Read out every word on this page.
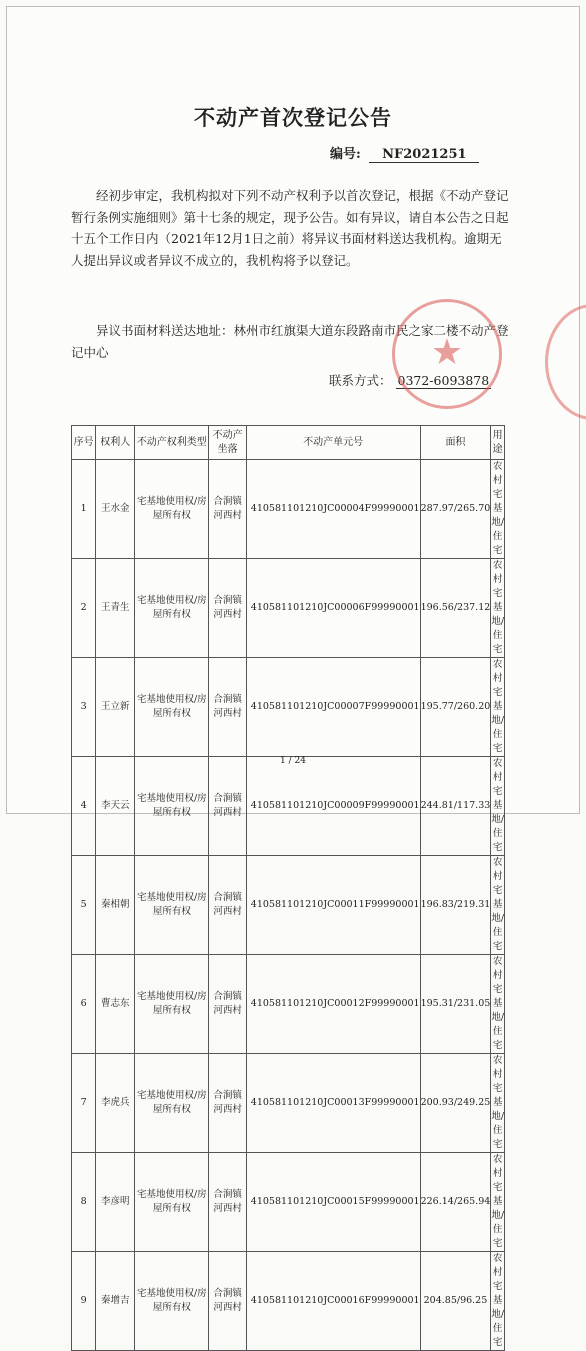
不动产首次登记公告
编号: NF2021251
经初步审定，我机构拟对下列不动产权利予以首次登记，根据《不动产登记暂行条例实施细则》第十七条的规定，现予公告。如有异议，请自本公告之日起十五个工作日内（2021年12月1日之前）将异议书面材料送达我机构。逾期无人提出异议或者异议不成立的，我机构将予以登记。
异议书面材料送达地址：林州市红旗渠大道东段路南市民之家二楼不动产登记中心
联系方式： 0372-6093878
★
序号	权利人	不动产权利类型	不动产坐落	不动产单元号	面积	用途
1	王水金	宅基地使用权/房屋所有权	合涧镇河西村	410581101210JC00004F99990001	287.97/265.70	农村宅基地/住宅
2	王青生	宅基地使用权/房屋所有权	合涧镇河西村	410581101210JC00006F99990001	196.56/237.12	农村宅基地/住宅
3	王立新	宅基地使用权/房屋所有权	合涧镇河西村	410581101210JC00007F99990001	195.77/260.20	农村宅基地/住宅
4	李天云	宅基地使用权/房屋所有权	合涧镇河西村	410581101210JC00009F99990001	244.81/117.33	农村宅基地/住宅
5	秦相朝	宅基地使用权/房屋所有权	合涧镇河西村	410581101210JC00011F99990001	196.83/219.31	农村宅基地/住宅
6	曹志东	宅基地使用权/房屋所有权	合涧镇河西村	410581101210JC00012F99990001	195.31/231.05	农村宅基地/住宅
7	李虎兵	宅基地使用权/房屋所有权	合涧镇河西村	410581101210JC00013F99990001	200.93/249.25	农村宅基地/住宅
8	李彦明	宅基地使用权/房屋所有权	合涧镇河西村	410581101210JC00015F99990001	226.14/265.94	农村宅基地/住宅
9	秦增吉	宅基地使用权/房屋所有权	合涧镇河西村	410581101210JC00016F99990001	204.85/96.25	农村宅基地/住宅
1 / 24
